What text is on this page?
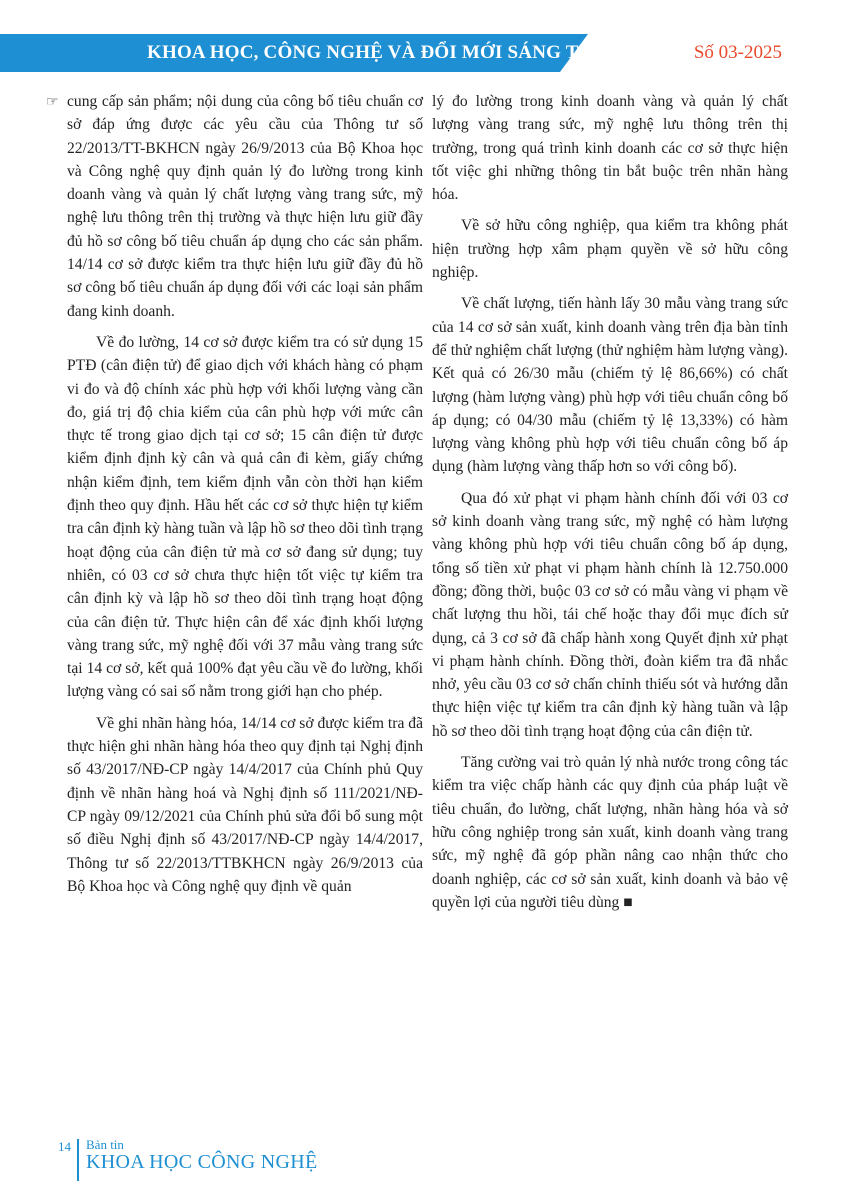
KHOA HỌC, CÔNG NGHỆ VÀ ĐỔI MỚI SÁNG TẠO	Số 03-2025
☞ cung cấp sản phẩm; nội dung của công bố tiêu chuẩn cơ sở đáp ứng được các yêu cầu của Thông tư số 22/2013/TT-BKHCN ngày 26/9/2013 của Bộ Khoa học và Công nghệ quy định quản lý đo lường trong kinh doanh vàng và quản lý chất lượng vàng trang sức, mỹ nghệ lưu thông trên thị trường và thực hiện lưu giữ đầy đủ hồ sơ công bố tiêu chuẩn áp dụng cho các sản phẩm. 14/14 cơ sở được kiểm tra thực hiện lưu giữ đầy đủ hồ sơ công bố tiêu chuẩn áp dụng đối với các loại sản phẩm đang kinh doanh.

Về đo lường, 14 cơ sở được kiểm tra có sử dụng 15 PTĐ (cân điện tử) để giao dịch với khách hàng có phạm vi đo và độ chính xác phù hợp với khối lượng vàng cần đo, giá trị độ chia kiểm của cân phù hợp với mức cân thực tế trong giao dịch tại cơ sở; 15 cân điện tử được kiểm định định kỳ cân và quả cân đi kèm, giấy chứng nhận kiểm định, tem kiểm định vẫn còn thời hạn kiểm định theo quy định. Hầu hết các cơ sở thực hiện tự kiểm tra cân định kỳ hàng tuần và lập hồ sơ theo dõi tình trạng hoạt động của cân điện tử mà cơ sở đang sử dụng; tuy nhiên, có 03 cơ sở chưa thực hiện tốt việc tự kiểm tra cân định kỳ và lập hồ sơ theo dõi tình trạng hoạt động của cân điện tử. Thực hiện cân để xác định khối lượng vàng trang sức, mỹ nghệ đối với 37 mẫu vàng trang sức tại 14 cơ sở, kết quả 100% đạt yêu cầu về đo lường, khối lượng vàng có sai số nằm trong giới hạn cho phép.

Về ghi nhãn hàng hóa, 14/14 cơ sở được kiểm tra đã thực hiện ghi nhãn hàng hóa theo quy định tại Nghị định số 43/2017/NĐ-CP ngày 14/4/2017 của Chính phủ Quy định về nhãn hàng hoá và Nghị định số 111/2021/NĐ-CP ngày 09/12/2021 của Chính phủ sửa đổi bổ sung một số điều Nghị định số 43/2017/NĐ-CP ngày 14/4/2017, Thông tư số 22/2013/TTBKHCN ngày 26/9/2013 của Bộ Khoa học và Công nghệ quy định về quản

lý đo lường trong kinh doanh vàng và quản lý chất lượng vàng trang sức, mỹ nghệ lưu thông trên thị trường, trong quá trình kinh doanh các cơ sở thực hiện tốt việc ghi những thông tin bắt buộc trên nhãn hàng hóa.

Về sở hữu công nghiệp, qua kiểm tra không phát hiện trường hợp xâm phạm quyền về sở hữu công nghiệp.

Về chất lượng, tiến hành lấy 30 mẫu vàng trang sức của 14 cơ sở sản xuất, kinh doanh vàng trên địa bàn tỉnh để thử nghiệm chất lượng (thử nghiệm hàm lượng vàng). Kết quả có 26/30 mẫu (chiếm tỷ lệ 86,66%) có chất lượng (hàm lượng vàng) phù hợp với tiêu chuẩn công bố áp dụng; có 04/30 mẫu (chiếm tỷ lệ 13,33%) có hàm lượng vàng không phù hợp với tiêu chuẩn công bố áp dụng (hàm lượng vàng thấp hơn so với công bố).

Qua đó xử phạt vi phạm hành chính đối với 03 cơ sở kinh doanh vàng trang sức, mỹ nghệ có hàm lượng vàng không phù hợp với tiêu chuẩn công bố áp dụng, tổng số tiền xử phạt vi phạm hành chính là 12.750.000 đồng; đồng thời, buộc 03 cơ sở có mẫu vàng vi phạm về chất lượng thu hồi, tái chế hoặc thay đổi mục đích sử dụng, cả 3 cơ sở đã chấp hành xong Quyết định xử phạt vi phạm hành chính. Đồng thời, đoàn kiểm tra đã nhắc nhở, yêu cầu 03 cơ sở chấn chỉnh thiếu sót và hướng dẫn thực hiện việc tự kiểm tra cân định kỳ hàng tuần và lập hồ sơ theo dõi tình trạng hoạt động của cân điện tử.

Tăng cường vai trò quản lý nhà nước trong công tác kiểm tra việc chấp hành các quy định của pháp luật về tiêu chuẩn, đo lường, chất lượng, nhãn hàng hóa và sở hữu công nghiệp trong sản xuất, kinh doanh vàng trang sức, mỹ nghệ đã góp phần nâng cao nhận thức cho doanh nghiệp, các cơ sở sản xuất, kinh doanh và bảo vệ quyền lợi của người tiêu dùng ■

14 Bản tin
KHOA HỌC CÔNG NGHỆ
